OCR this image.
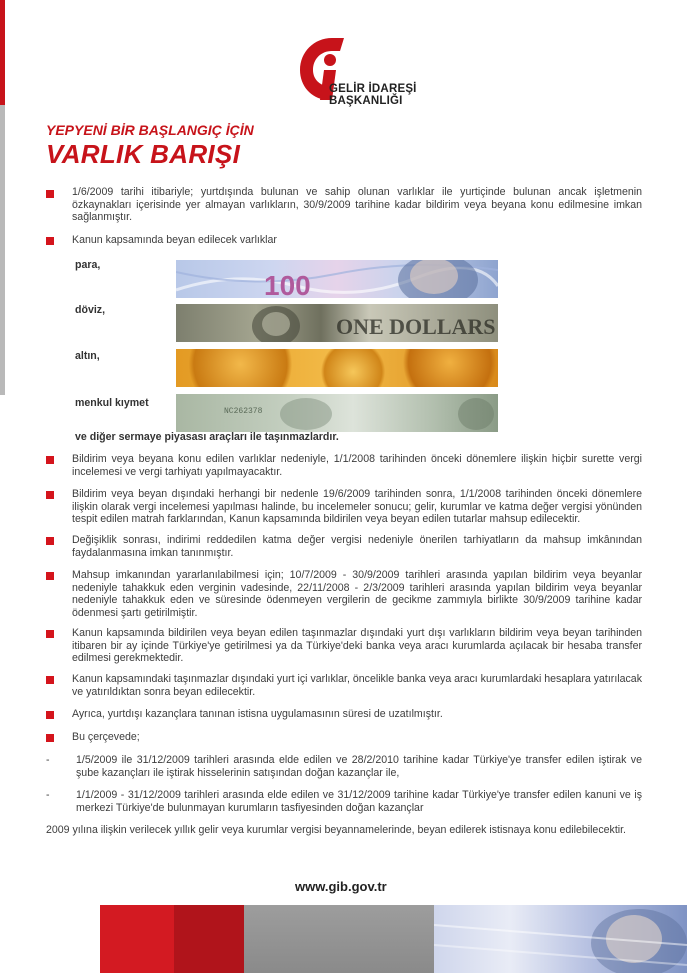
GELİR İDAREŞİ
BAŞKANLIĞI
YEPYENİ BİR BAŞLANGIÇ İÇİN
VARLIK BARIŞI
1/6/2009 tarihi itibariyle; yurtdışında bulunan ve sahip olunan varlıklar ile yurtiçinde bulunan ancak işletmenin özkaynakları içerisinde yer almayan varlıkların, 30/9/2009 tarihine kadar bildirim veya beyana konu edilmesine imkan sağlanmıştır.
Kanun kapsamında beyan edilecek varlıklar
para,
100
döviz,
ONE DOLLARS
altın,
menkul kıymet
NC262378
ve diğer sermaye piyasası araçları ile taşınmazlardır.
Bildirim veya beyana konu edilen varlıklar nedeniyle, 1/1/2008 tarihinden önceki dönemlere ilişkin hiçbir surette vergi incelemesi ve vergi tarhiyatı yapılmayacaktır.
Bildirim veya beyan dışındaki herhangi bir nedenle 19/6/2009 tarihinden sonra, 1/1/2008 tarihinden önceki dönemlere ilişkin olarak vergi incelemesi yapılması halinde, bu incelemeler sonucu; gelir, kurumlar ve katma değer vergisi yönünden tespit edilen matrah farklarından, Kanun kapsamında bildirilen veya beyan edilen tutarlar mahsup edilecektir.
Değişiklik sonrası, indirimi reddedilen katma değer vergisi nedeniyle önerilen tarhiyatların da mahsup imkânından faydalanmasına imkan tanınmıştır.
Mahsup imkanından yararlanılabilmesi için; 10/7/2009 - 30/9/2009 tarihleri arasında yapılan bildirim veya beyanlar nedeniyle tahakkuk eden verginin vadesinde, 22/11/2008 - 2/3/2009 tarihleri arasında yapılan bildirim veya beyanlar nedeniyle tahakkuk eden ve süresinde ödenmeyen vergilerin de gecikme zammıyla birlikte 30/9/2009 tarihine kadar ödenmesi şartı getirilmiştir.
Kanun kapsamında bildirilen veya beyan edilen taşınmazlar dışındaki yurt dışı varlıkların bildirim veya beyan tarihinden itibaren bir ay içinde Türkiye'ye getirilmesi ya da Türkiye'deki banka veya aracı kurumlarda açılacak bir hesaba transfer edilmesi gerekmektedir.
Kanun kapsamındaki taşınmazlar dışındaki yurt içi varlıklar, öncelikle banka veya aracı kurumlardaki hesaplara yatırılacak ve yatırıldıktan sonra beyan edilecektir.
Ayrıca, yurtdışı kazançlara tanınan istisna uygulamasının süresi de uzatılmıştır.
Bu çerçevede;
- 1/5/2009 ile 31/12/2009 tarihleri arasında elde edilen ve 28/2/2010 tarihine kadar Türkiye'ye transfer edilen iştirak ve şube kazançları ile iştirak hisselerinin satışından doğan kazançlar ile,
- 1/1/2009 - 31/12/2009 tarihleri arasında elde edilen ve 31/12/2009 tarihine kadar Türkiye'ye transfer edilen kanuni ve iş merkezi Türkiye'de bulunmayan kurumların tasfiyesinden doğan kazançlar
2009 yılına ilişkin verilecek yıllık gelir veya kurumlar vergisi beyannamelerinde, beyan edilerek istisnaya konu edilebilecektir.
www.gib.gov.tr
